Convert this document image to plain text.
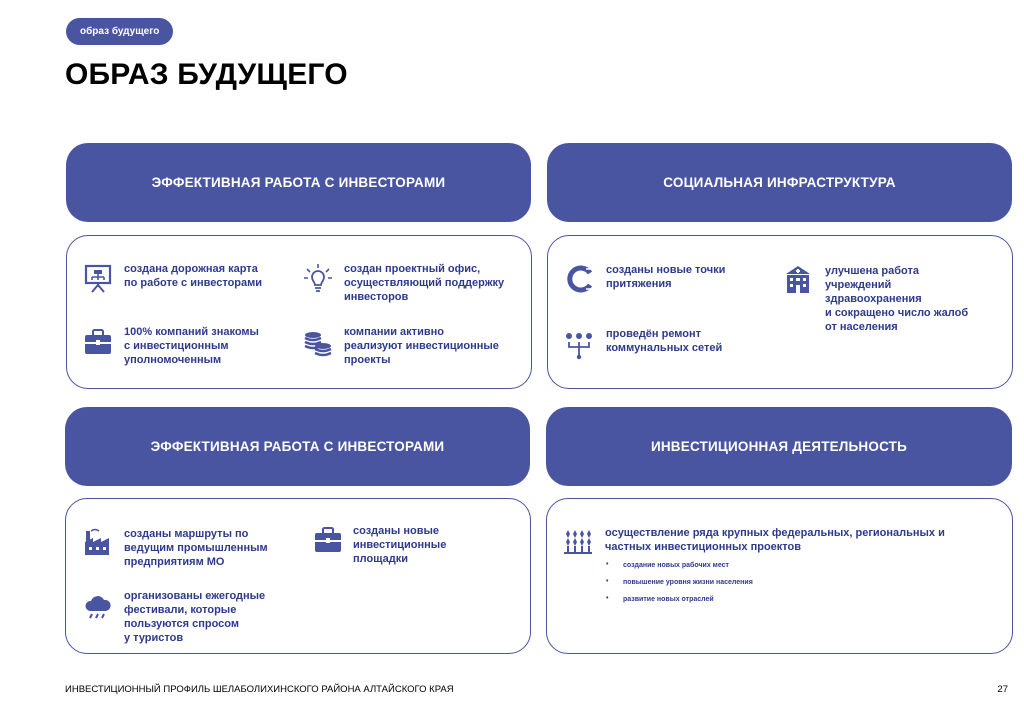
образ будущего
ОБРАЗ БУДУЩЕГО
ЭФФЕКТИВНАЯ РАБОТА С ИНВЕСТОРАМИ
создана дорожная карта
по работе с инвесторами
создан проектный офис,
осуществляющий поддержку
инвесторов
100% компаний знакомы
с инвестиционным
уполномоченным
компании активно
реализуют инвестиционные
проекты
СОЦИАЛЬНАЯ ИНФРАСТРУКТУРА
созданы новые точки
притяжения
улучшена работа
учреждений
здравоохранения
и сокращено число жалоб
от населения
проведён ремонт
коммунальных сетей
ЭФФЕКТИВНАЯ РАБОТА С ИНВЕСТОРАМИ
созданы маршруты по
ведущим промышленным
предприятиям МО
созданы новые
инвестиционные
площадки
организованы ежегодные
фестивали, которые
пользуются спросом
у туристов
ИНВЕСТИЦИОННАЯ ДЕЯТЕЛЬНОСТЬ
осуществление ряда крупных федеральных, региональных и
частных инвестиционных проектов
• создание новых рабочих мест
• повышение уровня жизни населения
• развитие новых отраслей
ИНВЕСТИЦИОННЫЙ ПРОФИЛЬ ШЕЛАБОЛИХИНСКОГО РАЙОНА АЛТАЙСКОГО КРАЯ	27
